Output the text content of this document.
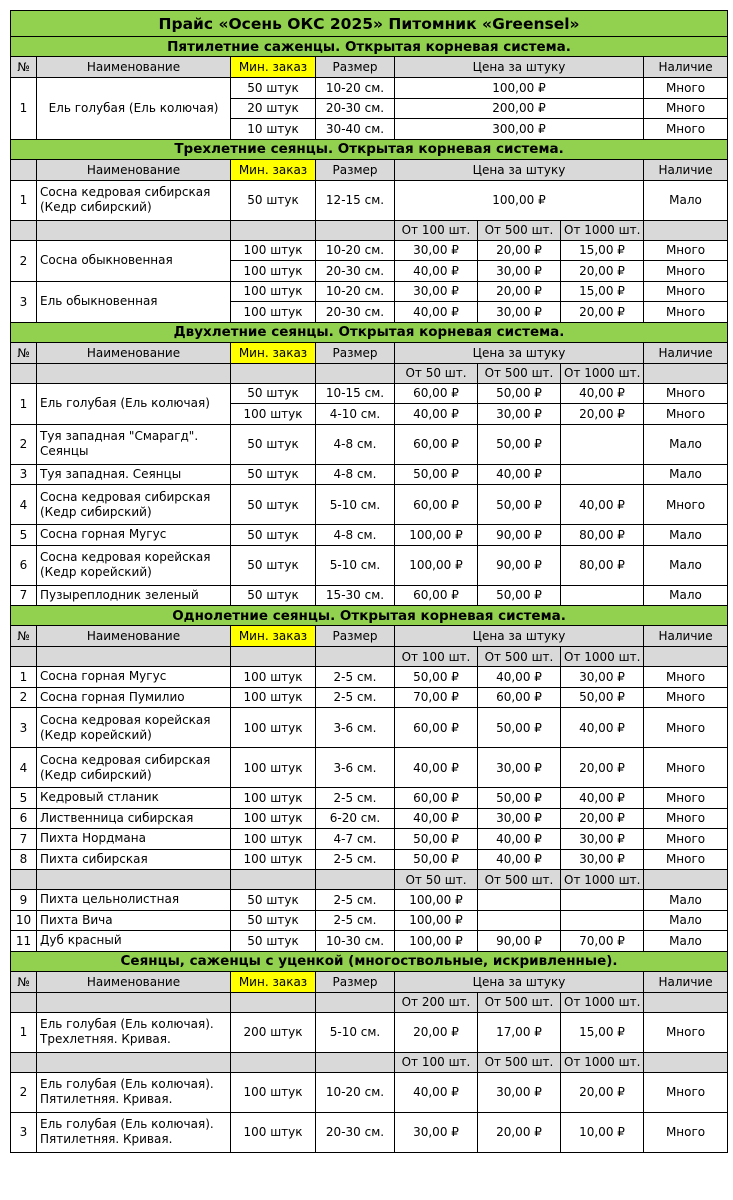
Прайс «Осень ОКС 2025» Питомник «Greensel»							
Пятилетние саженцы. Открытая корневая система.							
№	Наименование	Мин. заказ	Размер	Цена за штуку			Наличие
1	Ель голубая (Ель колючая)	50 штук	10-20 см.	100,00 ₽			Много
		20 штук	20-30 см.	200,00 ₽			Много
		10 штук	30-40 см.	300,00 ₽			Много
Трехлетние сеянцы. Открытая корневая система.							
	Наименование	Мин. заказ	Размер	Цена за штуку			Наличие
1	Сосна кедровая сибирская (Кедр сибирский)	50 штук	12-15 см.	100,00 ₽			Мало
				От 100 шт.	От 500 шт.	От 1000 шт.	
2	Сосна обыкновенная	100 штук	10-20 см.	30,00 ₽	20,00 ₽	15,00 ₽	Много
		100 штук	20-30 см.	40,00 ₽	30,00 ₽	20,00 ₽	Много
3	Ель обыкновенная	100 штук	10-20 см.	30,00 ₽	20,00 ₽	15,00 ₽	Много
		100 штук	20-30 см.	40,00 ₽	30,00 ₽	20,00 ₽	Много
Двухлетние сеянцы. Открытая корневая система.							
№	Наименование	Мин. заказ	Размер	Цена за штуку			Наличие
				От 50 шт.	От 500 шт.	От 1000 шт.	
1	Ель голубая (Ель колючая)	50 штук	10-15 см.	60,00 ₽	50,00 ₽	40,00 ₽	Много
		100 штук	4-10 см.	40,00 ₽	30,00 ₽	20,00 ₽	Много
2	Туя западная "Смарагд". Сеянцы	50 штук	4-8 см.	60,00 ₽	50,00 ₽		Мало
3	Туя западная. Сеянцы	50 штук	4-8 см.	50,00 ₽	40,00 ₽		Мало
4	Сосна кедровая сибирская (Кедр сибирский)	50 штук	5-10 см.	60,00 ₽	50,00 ₽	40,00 ₽	Много
5	Сосна горная Мугус	50 штук	4-8 см.	100,00 ₽	90,00 ₽	80,00 ₽	Мало
6	Сосна кедровая корейская (Кедр корейский)	50 штук	5-10 см.	100,00 ₽	90,00 ₽	80,00 ₽	Мало
7	Пузыреплодник зеленый	50 штук	15-30 см.	60,00 ₽	50,00 ₽		Мало
Однолетние сеянцы. Открытая корневая система.							
№	Наименование	Мин. заказ	Размер	Цена за штуку			Наличие
				От 100 шт.	От 500 шт.	От 1000 шт.	
1	Сосна горная Мугус	100 штук	2-5 см.	50,00 ₽	40,00 ₽	30,00 ₽	Много
2	Сосна горная Пумилио	100 штук	2-5 см.	70,00 ₽	60,00 ₽	50,00 ₽	Много
3	Сосна кедровая корейская (Кедр корейский)	100 штук	3-6 см.	60,00 ₽	50,00 ₽	40,00 ₽	Много
4	Сосна кедровая сибирская (Кедр сибирский)	100 штук	3-6 см.	40,00 ₽	30,00 ₽	20,00 ₽	Много
5	Кедровый стланик	100 штук	2-5 см.	60,00 ₽	50,00 ₽	40,00 ₽	Много
6	Лиственница сибирская	100 штук	6-20 см.	40,00 ₽	30,00 ₽	20,00 ₽	Много
7	Пихта Нордмана	100 штук	4-7 см.	50,00 ₽	40,00 ₽	30,00 ₽	Много
8	Пихта сибирская	100 штук	2-5 см.	50,00 ₽	40,00 ₽	30,00 ₽	Много
				От 50 шт.	От 500 шт.	От 1000 шт.	
9	Пихта цельнолистная	50 штук	2-5 см.	100,00 ₽			Мало
10	Пихта Вича	50 штук	2-5 см.	100,00 ₽			Мало
11	Дуб красный	50 штук	10-30 см.	100,00 ₽	90,00 ₽	70,00 ₽	Мало
Сеянцы, саженцы с уценкой (многоствольные, искривленные).							
№	Наименование	Мин. заказ	Размер	Цена за штуку			Наличие
				От 200 шт.	От 500 шт.	От 1000 шт.	
1	Ель голубая (Ель колючая). Трехлетняя. Кривая.	200 штук	5-10 см.	20,00 ₽	17,00 ₽	15,00 ₽	Много
				От 100 шт.	От 500 шт.	От 1000 шт.	
2	Ель голубая (Ель колючая). Пятилетняя. Кривая.	100 штук	10-20 см.	40,00 ₽	30,00 ₽	20,00 ₽	Много
3	Ель голубая (Ель колючая). Пятилетняя. Кривая.	100 штук	20-30 см.	30,00 ₽	20,00 ₽	10,00 ₽	Много
